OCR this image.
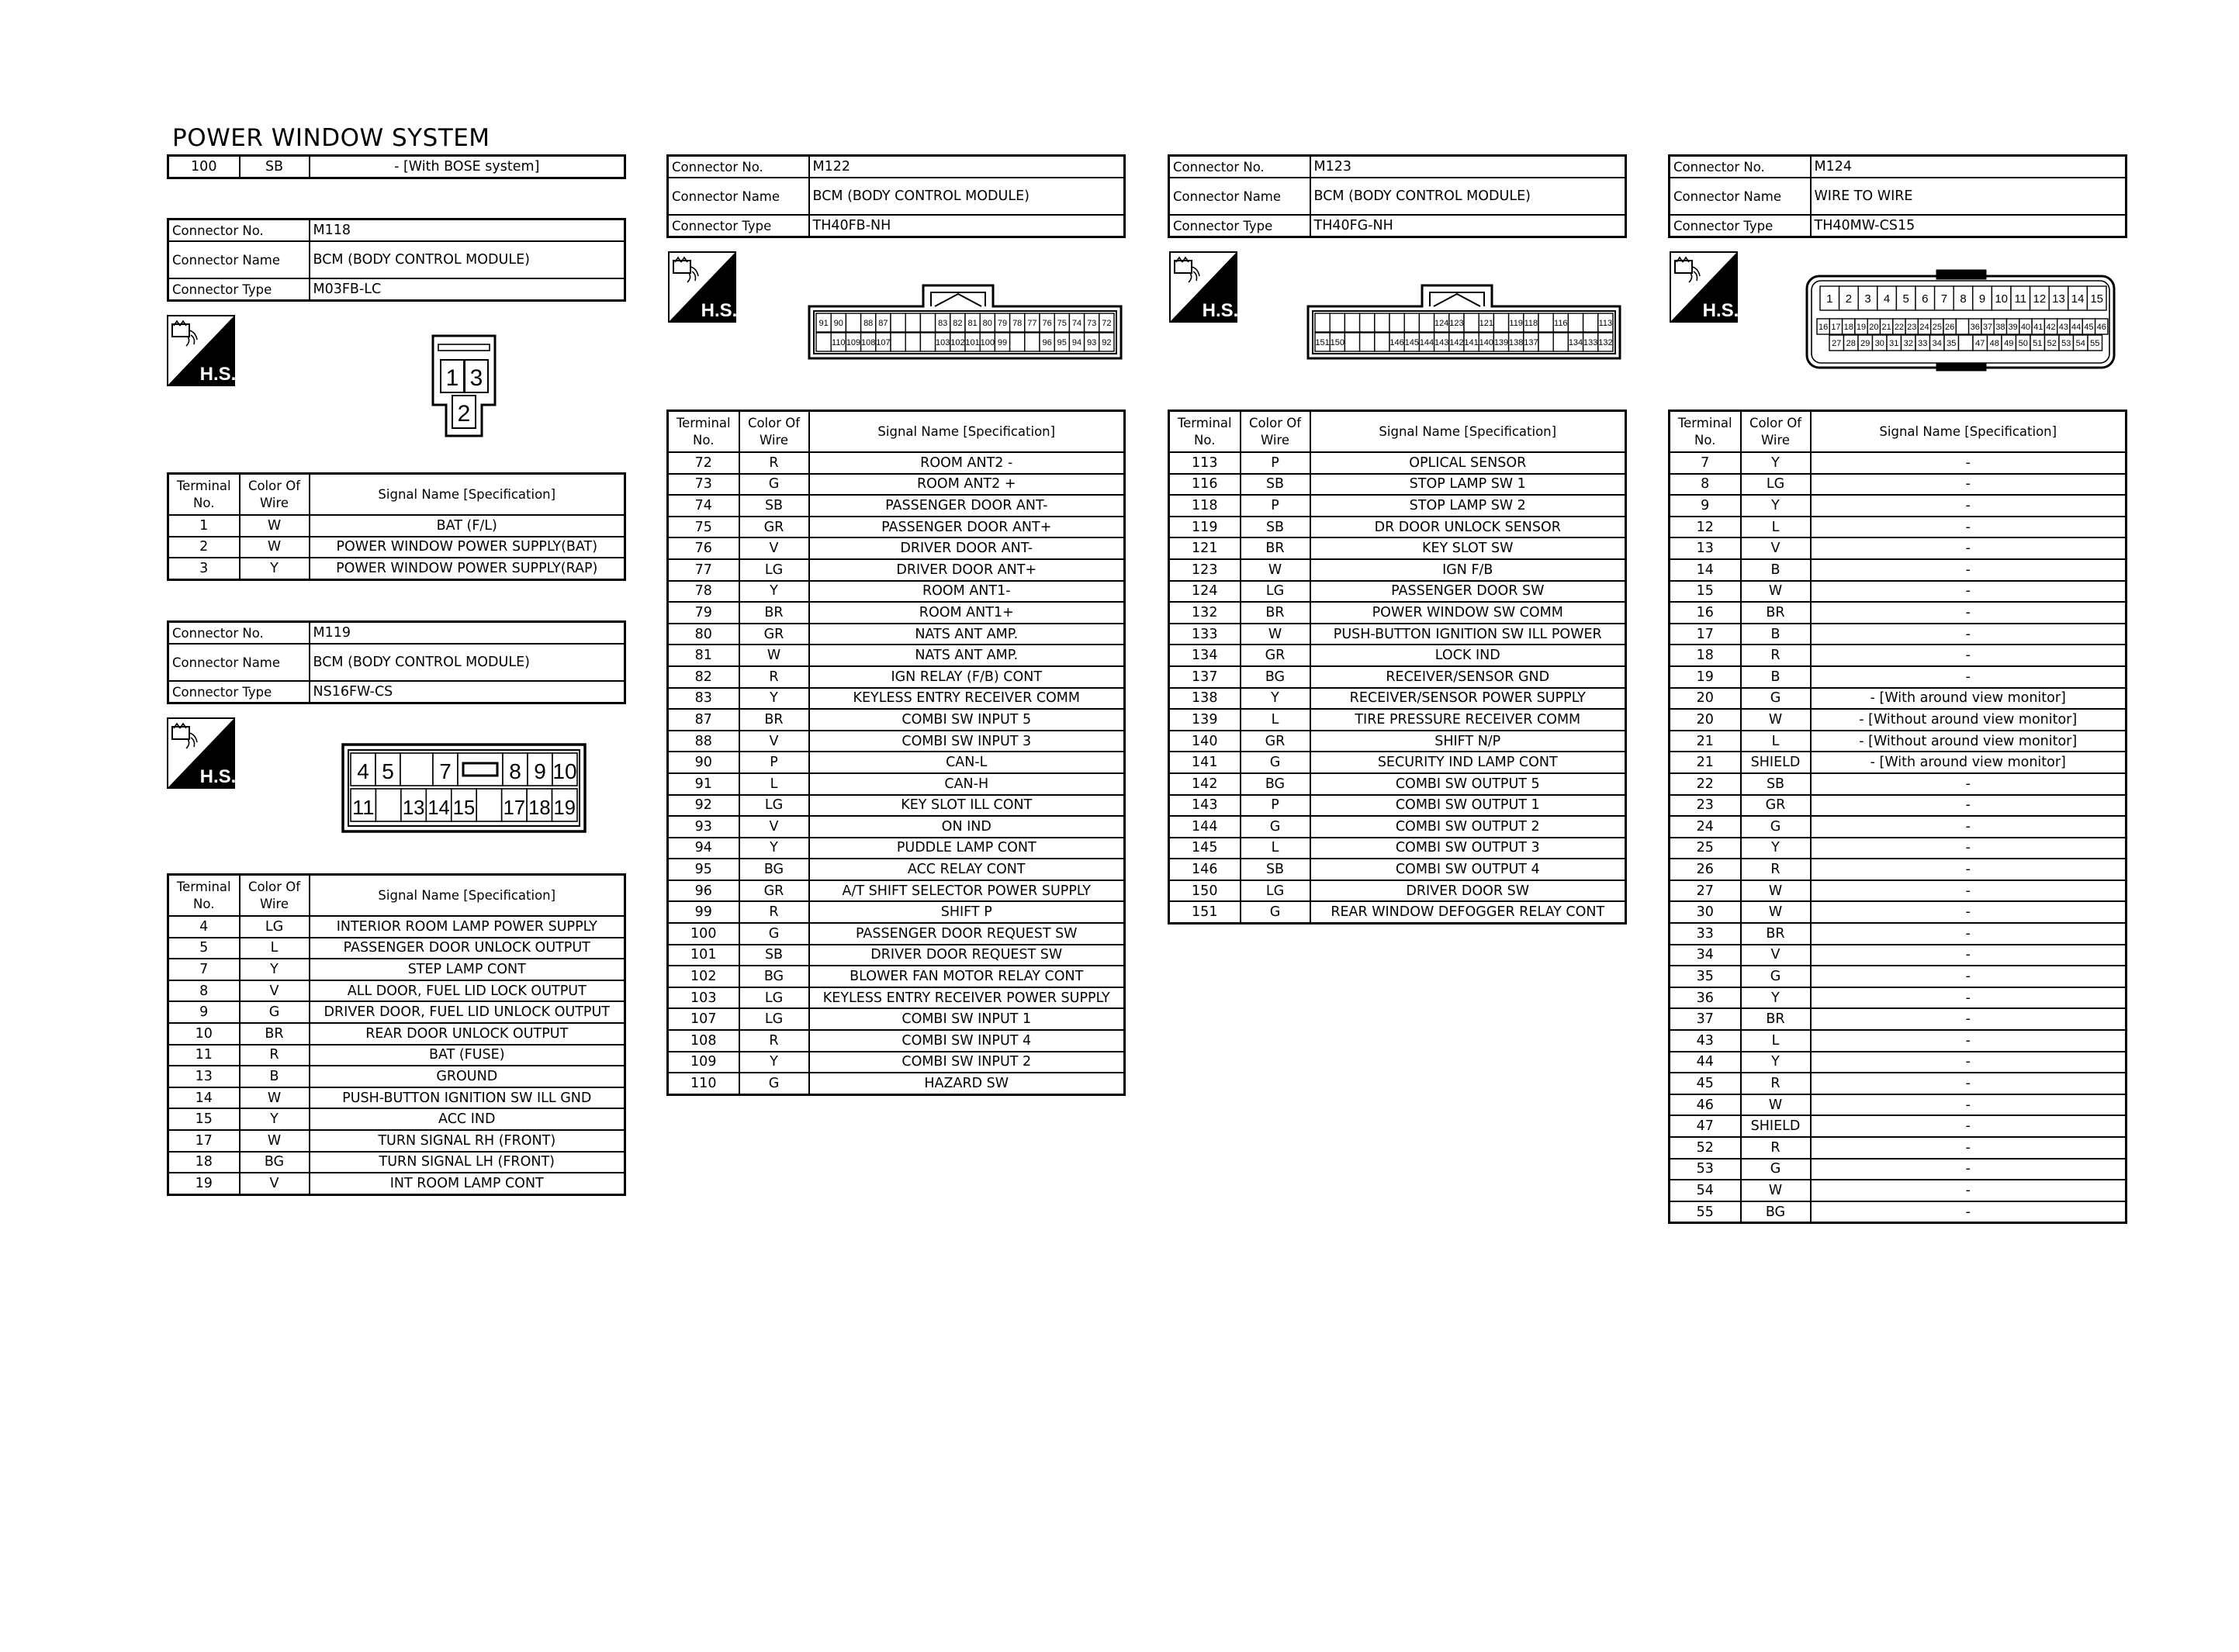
POWER WINDOW SYSTEM
100	SB	- [With BOSE system]
Connector No.	M118
Connector Name	BCM (BODY CONTROL MODULE)
Connector Type	M03FB-LC
Connector No.	M119
Connector Name	BCM (BODY CONTROL MODULE)
Connector Type	NS16FW-CS
Connector No.	M122
Connector Name	BCM (BODY CONTROL MODULE)
Connector Type	TH40FB-NH
Connector No.	M123
Connector Name	BCM (BODY CONTROL MODULE)
Connector Type	TH40FG-NH
Connector No.	M124
Connector Name	WIRE TO WIRE
Connector Type	TH40MW-CS15
H.S.
H.S.
H.S.	H.S.	H.S.
1 3
2
4 5 7	8 9 10
11 13 14 15 17 18 19
91 90 88 87	83 82 81 80 79 78 77 76 75 74 73 72
110 109 108 107	103 102 101 100 99	96 95 94 93 92
124 123 121 119 118 116	113
151 150	146 145 144 143 142 141 140 139 138 137	134 133 132
1 2 3 4 5 6 7 8 9 10 11 12 13 14 15
16 17 18 19 20 21 22 23 24 25 26 36 37 38 39 40 41 42 43 44 45 46
27 28 29 30 31 32 33 34 35 47 48 49 50 51 52 53 54 55
Terminal No.	Color Of Wire	Signal Name [Specification]
1	W	BAT (F/L)
2	W	POWER WINDOW POWER SUPPLY(BAT)
3	Y	POWER WINDOW POWER SUPPLY(RAP)
Terminal No.	Color Of Wire	Signal Name [Specification]
4	LG	INTERIOR ROOM LAMP POWER SUPPLY
5	L	PASSENGER DOOR UNLOCK OUTPUT
7	Y	STEP LAMP CONT
8	V	ALL DOOR, FUEL LID LOCK OUTPUT
9	G	DRIVER DOOR, FUEL LID UNLOCK OUTPUT
10	BR	REAR DOOR UNLOCK OUTPUT
11	R	BAT (FUSE)
13	B	GROUND
14	W	PUSH-BUTTON IGNITION SW ILL GND
15	Y	ACC IND
17	W	TURN SIGNAL RH (FRONT)
18	BG	TURN SIGNAL LH (FRONT)
19	V	INT ROOM LAMP CONT
Terminal No.	Color Of Wire	Signal Name [Specification]
72	R	ROOM ANT2 -
73	G	ROOM ANT2 +
74	SB	PASSENGER DOOR ANT-
75	GR	PASSENGER DOOR ANT+
76	V	DRIVER DOOR ANT-
77	LG	DRIVER DOOR ANT+
78	Y	ROOM ANT1-
79	BR	ROOM ANT1+
80	GR	NATS ANT AMP.
81	W	NATS ANT AMP.
82	R	IGN RELAY (F/B) CONT
83	Y	KEYLESS ENTRY RECEIVER COMM
87	BR	COMBI SW INPUT 5
88	V	COMBI SW INPUT 3
90	P	CAN-L
91	L	CAN-H
92	LG	KEY SLOT ILL CONT
93	V	ON IND
94	Y	PUDDLE LAMP CONT
95	BG	ACC RELAY CONT
96	GR	A/T SHIFT SELECTOR POWER SUPPLY
99	R	SHIFT P
100	G	PASSENGER DOOR REQUEST SW
101	SB	DRIVER DOOR REQUEST SW
102	BG	BLOWER FAN MOTOR RELAY CONT
103	LG	KEYLESS ENTRY RECEIVER POWER SUPPLY
107	LG	COMBI SW INPUT 1
108	R	COMBI SW INPUT 4
109	Y	COMBI SW INPUT 2
110	G	HAZARD SW
Terminal No.	Color Of Wire	Signal Name [Specification]
113	P	OPLICAL SENSOR
116	SB	STOP LAMP SW 1
118	P	STOP LAMP SW 2
119	SB	DR DOOR UNLOCK SENSOR
121	BR	KEY SLOT SW
123	W	IGN F/B
124	LG	PASSENGER DOOR SW
132	BR	POWER WINDOW SW COMM
133	W	PUSH-BUTTON IGNITION SW ILL POWER
134	GR	LOCK IND
137	BG	RECEIVER/SENSOR GND
138	Y	RECEIVER/SENSOR POWER SUPPLY
139	L	TIRE PRESSURE RECEIVER COMM
140	GR	SHIFT N/P
141	G	SECURITY IND LAMP CONT
142	BG	COMBI SW OUTPUT 5
143	P	COMBI SW OUTPUT 1
144	G	COMBI SW OUTPUT 2
145	L	COMBI SW OUTPUT 3
146	SB	COMBI SW OUTPUT 4
150	LG	DRIVER DOOR SW
151	G	REAR WINDOW DEFOGGER RELAY CONT
Terminal No.	Color Of Wire	Signal Name [Specification]
7	Y	-
8	LG	-
9	Y	-
12	L	-
13	V	-
14	B	-
15	W	-
16	BR	-
17	B	-
18	R	-
19	B	-
20	G	- [With around view monitor]
20	W	- [Without around view monitor]
21	L	- [Without around view monitor]
21	SHIELD	- [With around view monitor]
22	SB	-
23	GR	-
24	G	-
25	Y	-
26	R	-
27	W	-
30	W	-
33	BR	-
34	V	-
35	G	-
36	Y	-
37	BR	-
43	L	-
44	Y	-
45	R	-
46	W	-
47	SHIELD	-
52	R	-
53	G	-
54	W	-
55	BG	-
